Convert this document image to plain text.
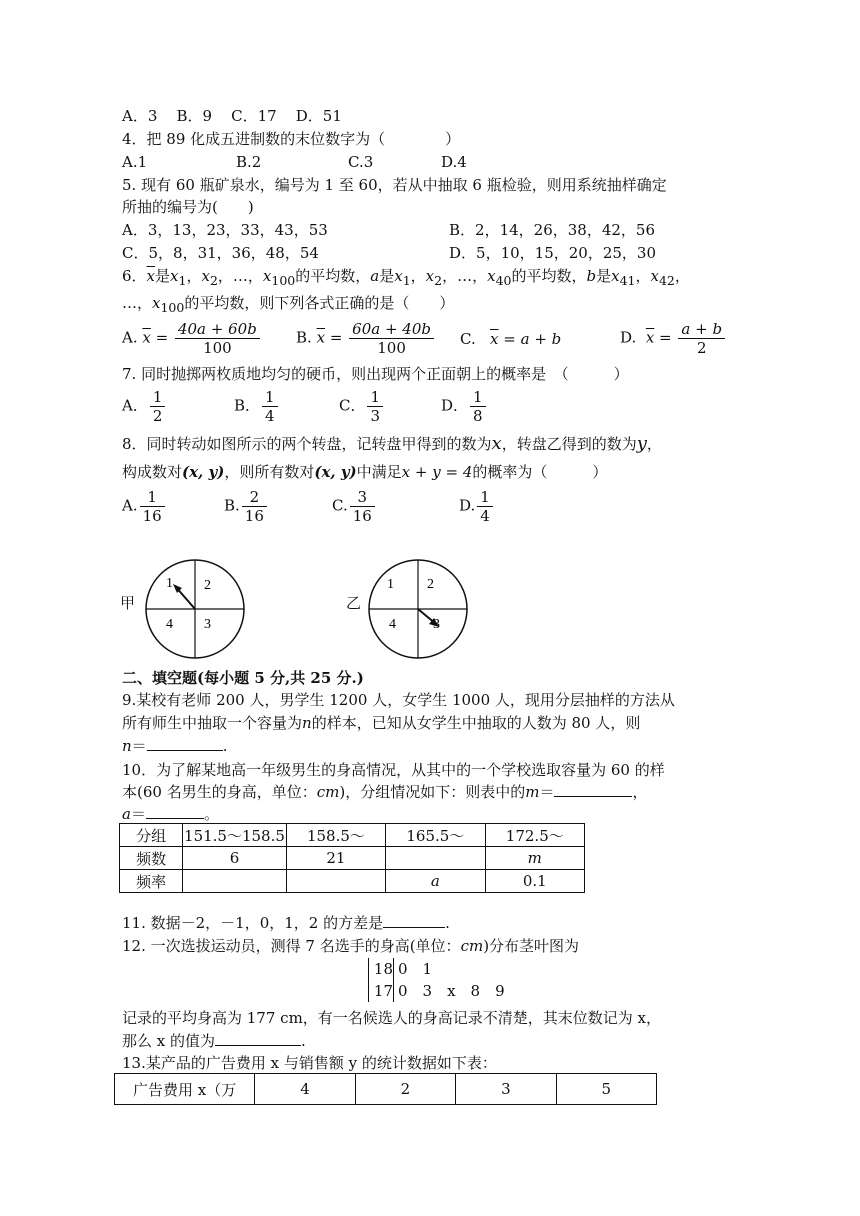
A．3 B．9 C．17 D．51
4．把 89 化成五进制数的末位数字为（　　　　）
A.1	B.2	C.3	D.4
5. 现有 60 瓶矿泉水，编号为 1 至 60，若从中抽取 6 瓶检验，则用系统抽样确定
所抽的编号为(　　)
A．3，13，23，33，43，53	B．2，14，26，38，42，56
C．5，8，31，36，48，54	D．5，10，15，20，25，30
6．$\overline{x}$是$x_1$，$x_2$，…，$x_{100}$的平均数，a是$x_1$，$x_2$，…，$x_{40}$的平均数，b是$x_{41}$，$x_{42}$，
…，$x_{100}$的平均数，则下列各式正确的是（　　）
A. $\overline{x} = \frac{40a + 60b}{100} B$. $\overline{x} = \frac{60a + 40b}{100} C$. $\overline{x} = a + b$	D. $\overline{x} = \frac{a + b}{2}$
7. 同时抛掷两枚质地均匀的硬币，则出现两个正面朝上的概率是　（　　　）
A． $\frac{1}{2}$	B． $\frac{1}{4}$	C． $\frac{1}{3}$	D． $\frac{1}{8}$
8．同时转动如图所示的两个转盘，记转盘甲得到的数为x，转盘乙得到的数为y，
构成数对(x, y)，则所有数对(x, y)中满足x + y = 4的概率为（　　　）
A. $\frac{1}{16}$	B. $\frac{2}{16}$	C. $\frac{3}{16}$	D. $\frac{1}{4}$
甲
1 2
4 3
乙
1 2
4	3
二、填空题(每小题 5 分,共 25 分.)
9.某校有老师 200 人，男学生 1200 人，女学生 1000 人，现用分层抽样的方法从
所有师生中抽取一个容量为n的样本，已知从女学生中抽取的人数为 80 人，则
n＝	.
10．为了解某地高一年级男生的身高情况，从其中的一个学校选取容量为 60 的样
本(60 名男生的身高，单位：cm)，分组情况如下：则表中的m＝	，
a＝	。
分组	151.5～158.5	158.5～	165.5～	172.5～
频数	6	21		m
频率			a	0.1
11. 数据－2，－1，0，1，2 的方差是	.
12. 一次选拔运动员，测得 7 名选手的身高(单位：cm)分布茎叶图为
18 0　1
17 0　3　x　8　9
记录的平均身高为 177 cm，有一名候选人的身高记录不清楚，其末位数记为 x，
那么 x 的值为	.
13.某产品的广告费用 x 与销售额 y 的统计数据如下表：
广告费用 x（万	4	2	3	5
